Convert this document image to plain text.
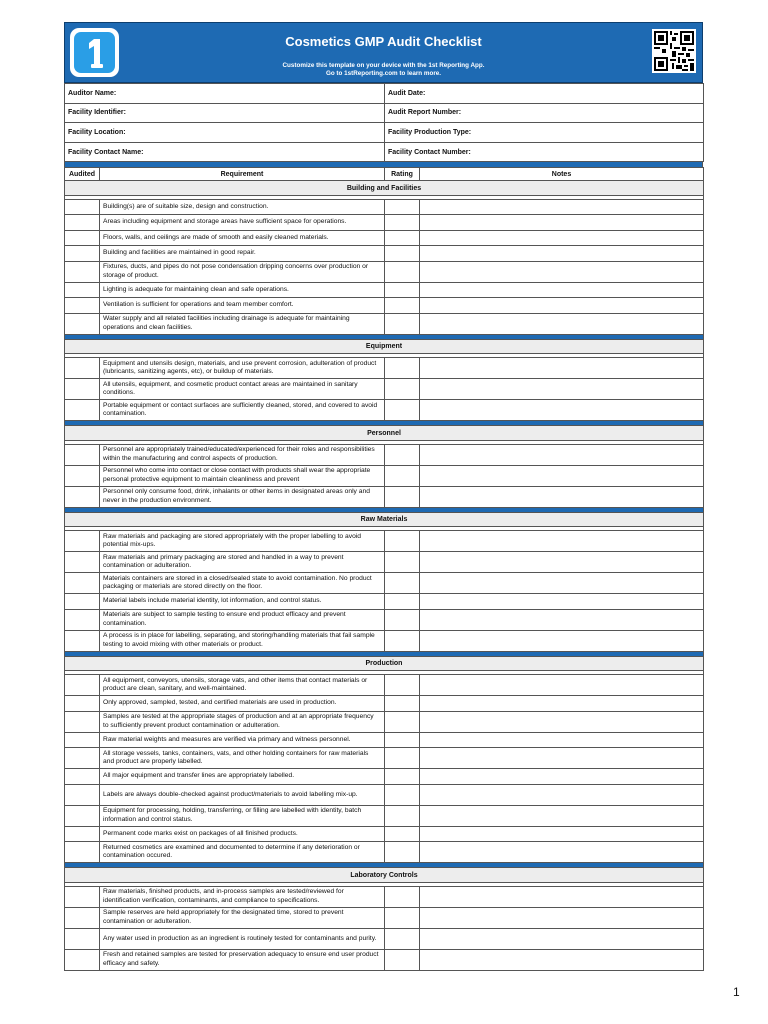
Cosmetics GMP Audit Checklist
Customize this template on your device with the 1st Reporting App.
Go to 1stReporting.com to learn more.
Auditor Name:	Audit Date:
Facility Identifier:	Audit Report Number:
Facility Location:	Facility Production Type:
Facility Contact Name:	Facility Contact Number:
Audited	Requirement	Rating	Notes
Building and Facilities			

	Building(s) are of suitable size, design and construction.		
	Areas including equipment and storage areas have sufficient space for operations.		
	Floors, walls, and ceilings are made of smooth and easily cleaned materials.		
	Building and facilities are maintained in good repair.		
	Fixtures, ducts, and pipes do not pose condensation dripping concerns over production or storage of product.		
	Lighting is adequate for maintaining clean and safe operations.		
	Ventilation is sufficient for operations and team member comfort.		
	Water supply and all related facilities including drainage is adequate for maintaining operations and clean facilities.		

Equipment			

	Equipment and utensils design, materials, and use prevent corrosion, adulteration of product (lubricants, sanitizing agents, etc), or buildup of materials.		
	All utensils, equipment, and cosmetic product contact areas are maintained in sanitary conditions.		
	Portable equipment or contact surfaces are sufficiently cleaned, stored, and covered to avoid contamination.		

Personnel			

	Personnel are appropriately trained/educated/experienced for their roles and responsibilities within the manufacturing and control aspects of production.		
	Personnel who come into contact or close contact with products shall wear the appropriate personal protective equipment to maintain cleanliness and prevent		
	Personnel only consume food, drink, inhalants or other items in designated areas only and never in the production environment.		

Raw Materials			

	Raw materials and packaging are stored appropriately with the proper labelling to avoid potential mix-ups.		
	Raw materials and primary packaging are stored and handled in a way to prevent contamination or adulteration.		
	Materials containers are stored in a closed/sealed state to avoid contamination. No product packaging or materials are stored directly on the floor.		
	Material labels include material identity, lot information, and control status.		
	Materials are subject to sample testing to ensure end product efficacy and prevent contamination.		
	A process is in place for labelling, separating, and storing/handling materials that fail sample testing to avoid mixing with other materials or product.		

Production			

	All equipment, conveyors, utensils, storage vats, and other items that contact materials or product are clean, sanitary, and well-maintained.		
	Only approved, sampled, tested, and certified materials are used in production.		
	Samples are tested at the appropriate stages of production and at an appropriate frequency to sufficiently prevent product contamination or adulteration.		
	Raw material weights and measures are verified via primary and witness personnel.		
	All storage vessels, tanks, containers, vats, and other holding containers for raw materials and product are properly labelled.		
	All major equipment and transfer lines are appropriately labelled.		
	Labels are always double-checked against product/materials to avoid labelling mix-up.		
	Equipment for processing, holding, transferring, or filling are labelled with identity, batch information and control status.		
	Permanent code marks exist on packages of all finished products.		
	Returned cosmetics are examined and documented to determine if any deterioration or contamination occured.		

Laboratory Controls			

	Raw materials, finished products, and in-process samples are tested/reviewed for identification verification, contaminants, and compliance to specifications.		
	Sample reserves are held appropriately for the designated time, stored to prevent contamination or adulteration.		
	Any water used in production as an ingredient is routinely tested for contaminants and purity.		
	Fresh and retained samples are tested for preservation adequacy to ensure end user product efficacy and safety.		
1
